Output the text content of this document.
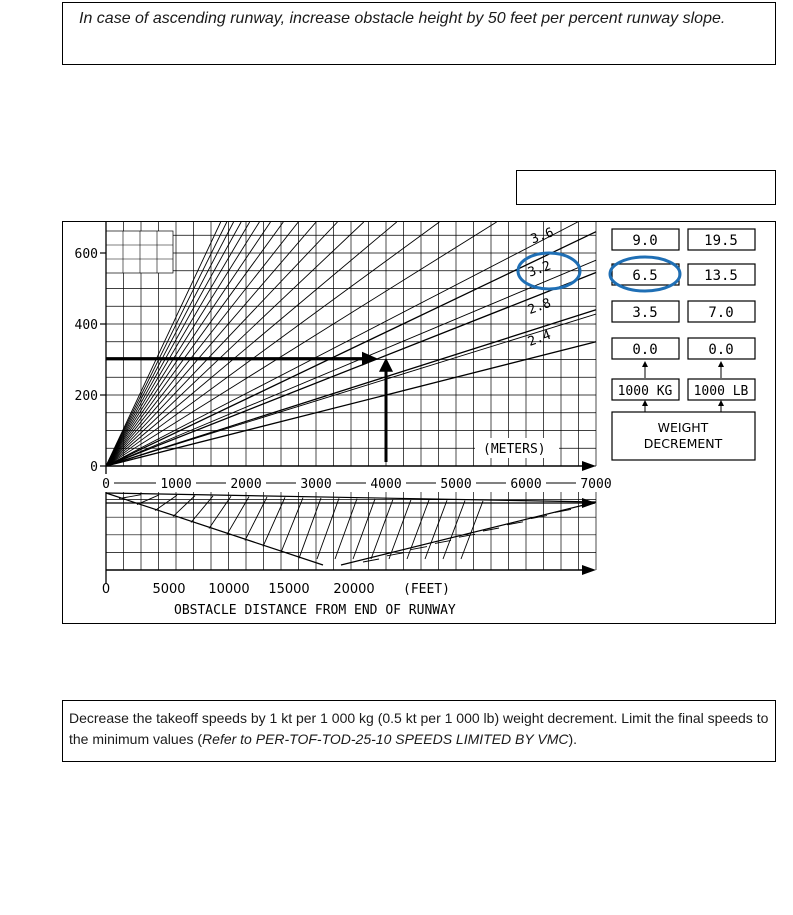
In case of ascending runway, increase obstacle height by 50 feet per percent runway slope.
2.4
2.8
3.2
3.6
0
200
400
600
0	1000	2000	3000	4000	5000	6000	7000
0	5000 10000 15000 20000
(METERS)
(FEET)
OBSTACLE DISTANCE FROM END OF RUNWAY
9.0	19.5
6.5	13.5
3.5	7.0
0.0	0.0
1000 KG 1000 LB
WEIGHT
DECREMENT
Decrease the takeoff speeds by 1 kt per 1 000 kg (0.5 kt per 1 000 lb) weight decrement. Limit the final speeds to the minimum values (Refer to PER-TOF-TOD-25-10 SPEEDS LIMITED BY VMC).
